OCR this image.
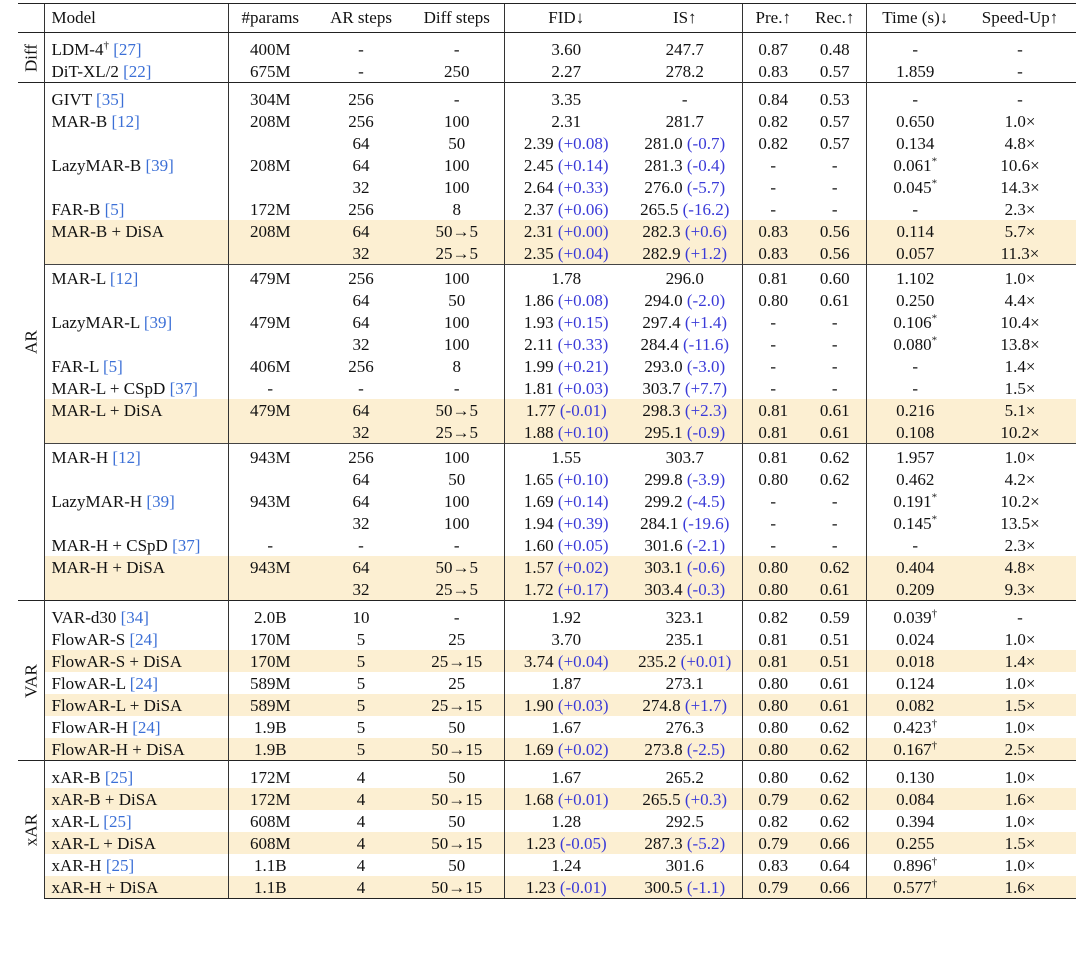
	Model	#params	AR steps	Diff steps	FID↓	IS↑	Pre.↑	Rec.↑	Time (s)↓	Speed-Up↑

Diff	LDM-4† [27]	400M	-	-	3.60	247.7	0.87	0.48	-	-
	DiT-XL/2 [22]	675M	-	250	2.27	278.2	0.83	0.57	1.859	-

AR	GIVT [35]	304M	256	-	3.35	-	0.84	0.53	-	-
	MAR-B [12]	208M	256	100	2.31	281.7	0.82	0.57	0.650	1.0×
			64	50	2.39 (+0.08)	281.0 (-0.7)	0.82	0.57	0.134	4.8×
	LazyMAR-B [39]	208M	64	100	2.45 (+0.14)	281.3 (-0.4)	-	-	0.061*	10.6×
			32	100	2.64 (+0.33)	276.0 (-5.7)	-	-	0.045*	14.3×
	FAR-B [5]	172M	256	8	2.37 (+0.06)	265.5 (-16.2)	-	-	-	2.3×
	MAR-B + DiSA	208M	64	50→5	2.31 (+0.00)	282.3 (+0.6)	0.83	0.56	0.114	5.7×
			32	25→5	2.35 (+0.04)	282.9 (+1.2)	0.83	0.56	0.057	11.3×
	MAR-L [12]	479M	256	100	1.78	296.0	0.81	0.60	1.102	1.0×
			64	50	1.86 (+0.08)	294.0 (-2.0)	0.80	0.61	0.250	4.4×
	LazyMAR-L [39]	479M	64	100	1.93 (+0.15)	297.4 (+1.4)	-	-	0.106*	10.4×
			32	100	2.11 (+0.33)	284.4 (-11.6)	-	-	0.080*	13.8×
	FAR-L [5]	406M	256	8	1.99 (+0.21)	293.0 (-3.0)	-	-	-	1.4×
	MAR-L + CSpD [37]	-	-	-	1.81 (+0.03)	303.7 (+7.7)	-	-	-	1.5×
	MAR-L + DiSA	479M	64	50→5	1.77 (-0.01)	298.3 (+2.3)	0.81	0.61	0.216	5.1×
			32	25→5	1.88 (+0.10)	295.1 (-0.9)	0.81	0.61	0.108	10.2×
	MAR-H [12]	943M	256	100	1.55	303.7	0.81	0.62	1.957	1.0×
			64	50	1.65 (+0.10)	299.8 (-3.9)	0.80	0.62	0.462	4.2×
	LazyMAR-H [39]	943M	64	100	1.69 (+0.14)	299.2 (-4.5)	-	-	0.191*	10.2×
			32	100	1.94 (+0.39)	284.1 (-19.6)	-	-	0.145*	13.5×
	MAR-H + CSpD [37]	-	-	-	1.60 (+0.05)	301.6 (-2.1)	-	-	-	2.3×
	MAR-H + DiSA	943M	64	50→5	1.57 (+0.02)	303.1 (-0.6)	0.80	0.62	0.404	4.8×
			32	25→5	1.72 (+0.17)	303.4 (-0.3)	0.80	0.61	0.209	9.3×

VAR	VAR-d30 [34]	2.0B	10	-	1.92	323.1	0.82	0.59	0.039†	-
	FlowAR-S [24]	170M	5	25	3.70	235.1	0.81	0.51	0.024	1.0×
	FlowAR-S + DiSA	170M	5	25→15	3.74 (+0.04)	235.2 (+0.01)	0.81	0.51	0.018	1.4×
	FlowAR-L [24]	589M	5	25	1.87	273.1	0.80	0.61	0.124	1.0×
	FlowAR-L + DiSA	589M	5	25→15	1.90 (+0.03)	274.8 (+1.7)	0.80	0.61	0.082	1.5×
	FlowAR-H [24]	1.9B	5	50	1.67	276.3	0.80	0.62	0.423†	1.0×
	FlowAR-H + DiSA	1.9B	5	50→15	1.69 (+0.02)	273.8 (-2.5)	0.80	0.62	0.167†	2.5×

xAR	xAR-B [25]	172M	4	50	1.67	265.2	0.80	0.62	0.130	1.0×
	xAR-B + DiSA	172M	4	50→15	1.68 (+0.01)	265.5 (+0.3)	0.79	0.62	0.084	1.6×
	xAR-L [25]	608M	4	50	1.28	292.5	0.82	0.62	0.394	1.0×
	xAR-L + DiSA	608M	4	50→15	1.23 (-0.05)	287.3 (-5.2)	0.79	0.66	0.255	1.5×
	xAR-H [25]	1.1B	4	50	1.24	301.6	0.83	0.64	0.896†	1.0×
	xAR-H + DiSA	1.1B	4	50→15	1.23 (-0.01)	300.5 (-1.1)	0.79	0.66	0.577†	1.6×
